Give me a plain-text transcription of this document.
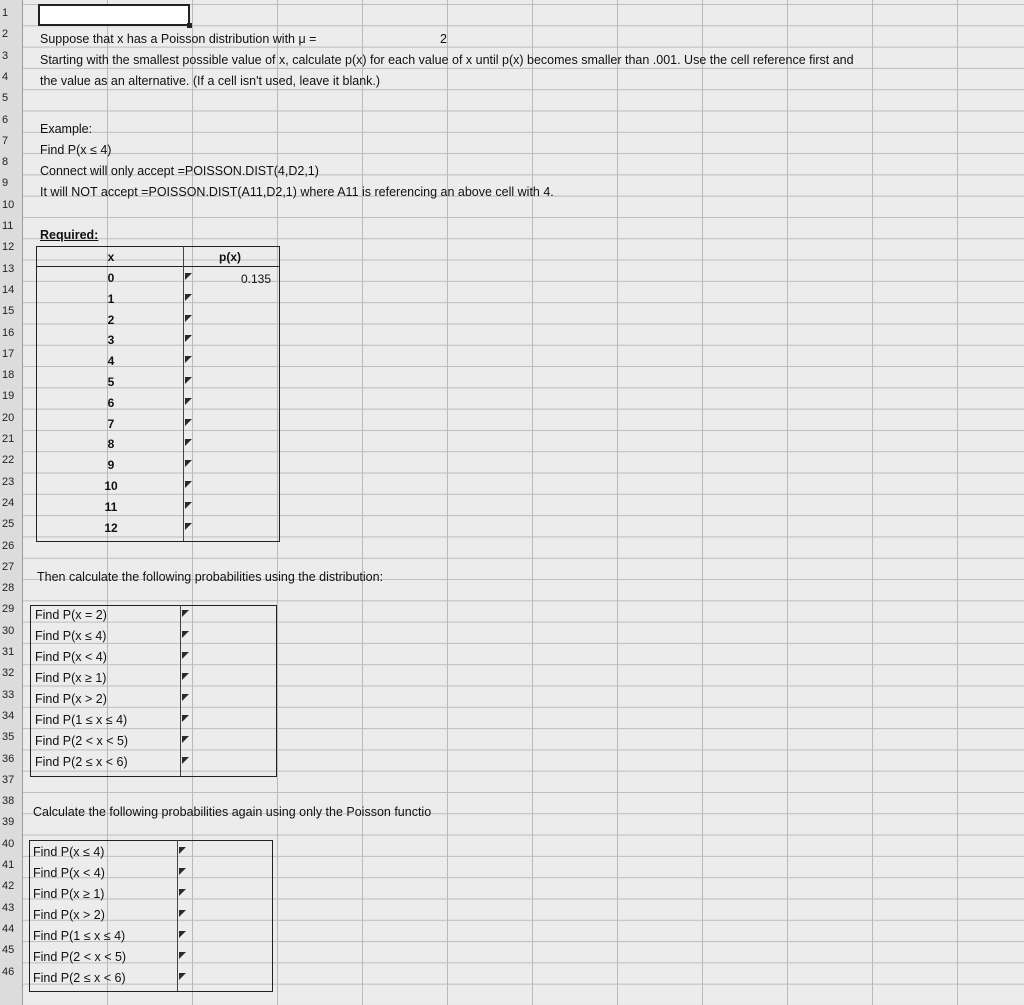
1
2
3
4
5
6
7
8
9
10
11
12
13
14
15
16
17
18
19
20
21
22
23
24
25
26
27
28
29
30
31
32
33
34
35
36
37
38
39
40
41
42
43
44
45
46
Suppose that x has a Poisson distribution with μ =	2
Starting with the smallest possible value of x, calculate p(x) for each value of x until p(x) becomes smaller than .001. Use the cell reference first and
the value as an alternative. (If a cell isn't used, leave it blank.)
Example:
Find P(x ≤ 4)
Connect will only accept =POISSON.DIST(4,D2,1)
It will NOT accept =POISSON.DIST(A11,D2,1) where A11 is referencing an above cell with 4.
Required:
x	p(x)
0.135
0
1
2
3
4
5
6
7
8
9
10
11
12
Then calculate the following probabilities using the distribution:
Find P(x = 2)
Find P(x ≤ 4)
Find P(x < 4)
Find P(x ≥ 1)
Find P(x > 2)
Find P(1 ≤ x ≤ 4)
Find P(2 < x < 5)
Find P(2 ≤ x < 6)
Calculate the following probabilities again using only the Poisson functio
Find P(x ≤ 4)
Find P(x < 4)
Find P(x ≥ 1)
Find P(x > 2)
Find P(1 ≤ x ≤ 4)
Find P(2 < x < 5)
Find P(2 ≤ x < 6)
